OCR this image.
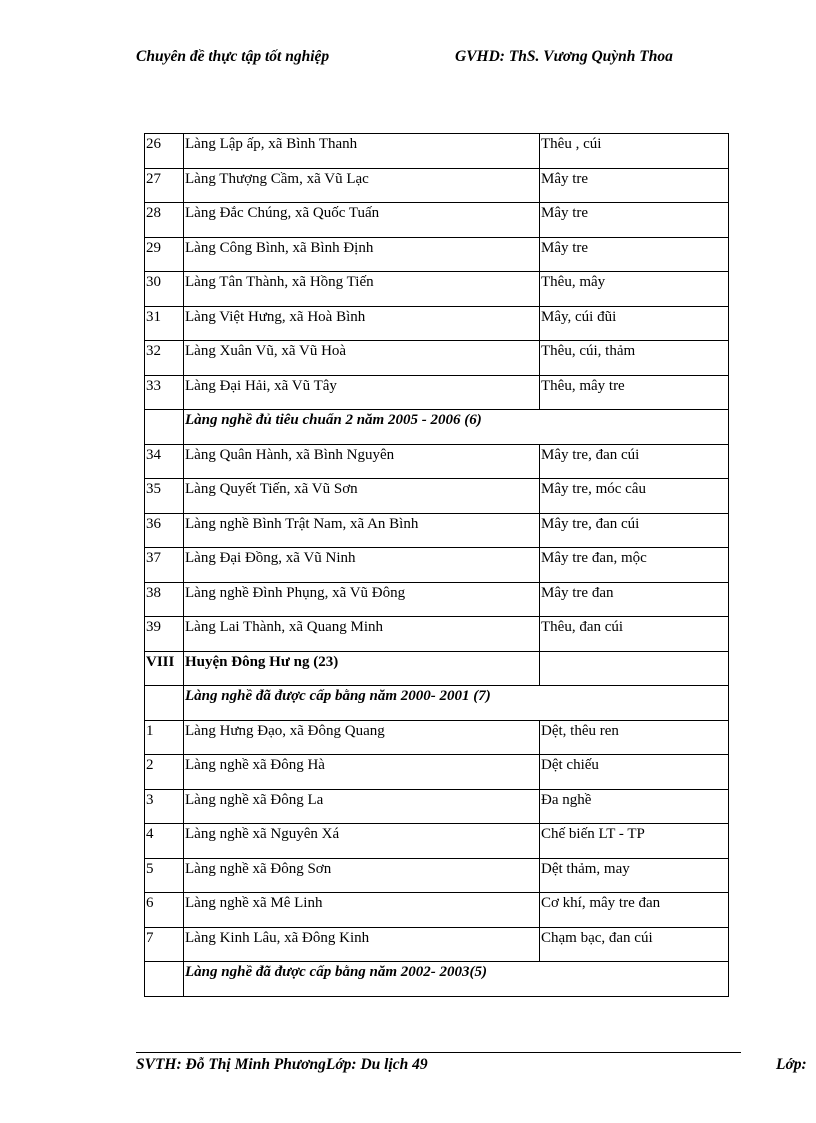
Chuyên đề thực tập tốt nghiệp	GVHD: ThS. Vương Quỳnh Thoa
26	Làng Lập ấp, xã Bình Thanh	Thêu , cúi
27	Làng Thượng Cầm, xã Vũ Lạc	Mây tre
28	Làng Đắc Chúng, xã Quốc Tuấn	Mây tre
29	Làng Công Bình, xã Bình Định	Mây tre
30	Làng Tân Thành, xã Hồng Tiến	Thêu, mây
31	Làng Việt Hưng, xã Hoà Bình	Mây, cúi đũi
32	Làng Xuân Vũ, xã Vũ Hoà	Thêu, cúi, thảm
33	Làng Đại Hải, xã Vũ Tây	Thêu, mây tre
	Làng nghề đủ tiêu chuẩn 2 năm 2005 - 2006 (6)	
34	Làng Quân Hành, xã Bình Nguyên	Mây tre, đan cúi
35	Làng Quyết Tiến, xã Vũ Sơn	Mây tre, móc câu
36	Làng nghề Bình Trật Nam, xã An Bình	Mây tre, đan cúi
37	Làng Đại Đồng, xã Vũ Ninh	Mây tre đan, mộc
38	Làng nghề Đình Phụng, xã Vũ Đông	Mây tre đan
39	Làng Lai Thành, xã Quang Minh	Thêu, đan cúi
VIII	Huyện Đông Hư ng (23)	
	Làng nghề đã được cấp bằng năm 2000- 2001 (7)	
1	Làng Hưng Đạo, xã Đông Quang	Dệt, thêu ren
2	Làng nghề xã Đông Hà	Dệt chiếu
3	Làng nghề xã Đông La	Đa nghề
4	Làng nghề xã Nguyên Xá	Chế biến LT - TP
5	Làng nghề xã Đông Sơn	Dệt thảm, may
6	Làng nghề xã Mê Linh	Cơ khí, mây tre đan
7	Làng Kinh Lâu, xã Đông Kinh	Chạm bạc, đan cúi
	Làng nghề đã được cấp bằng năm 2002- 2003(5)	
SVTH: Đỗ Thị Minh PhươngLớp: Du lịch 49	Lớp:
